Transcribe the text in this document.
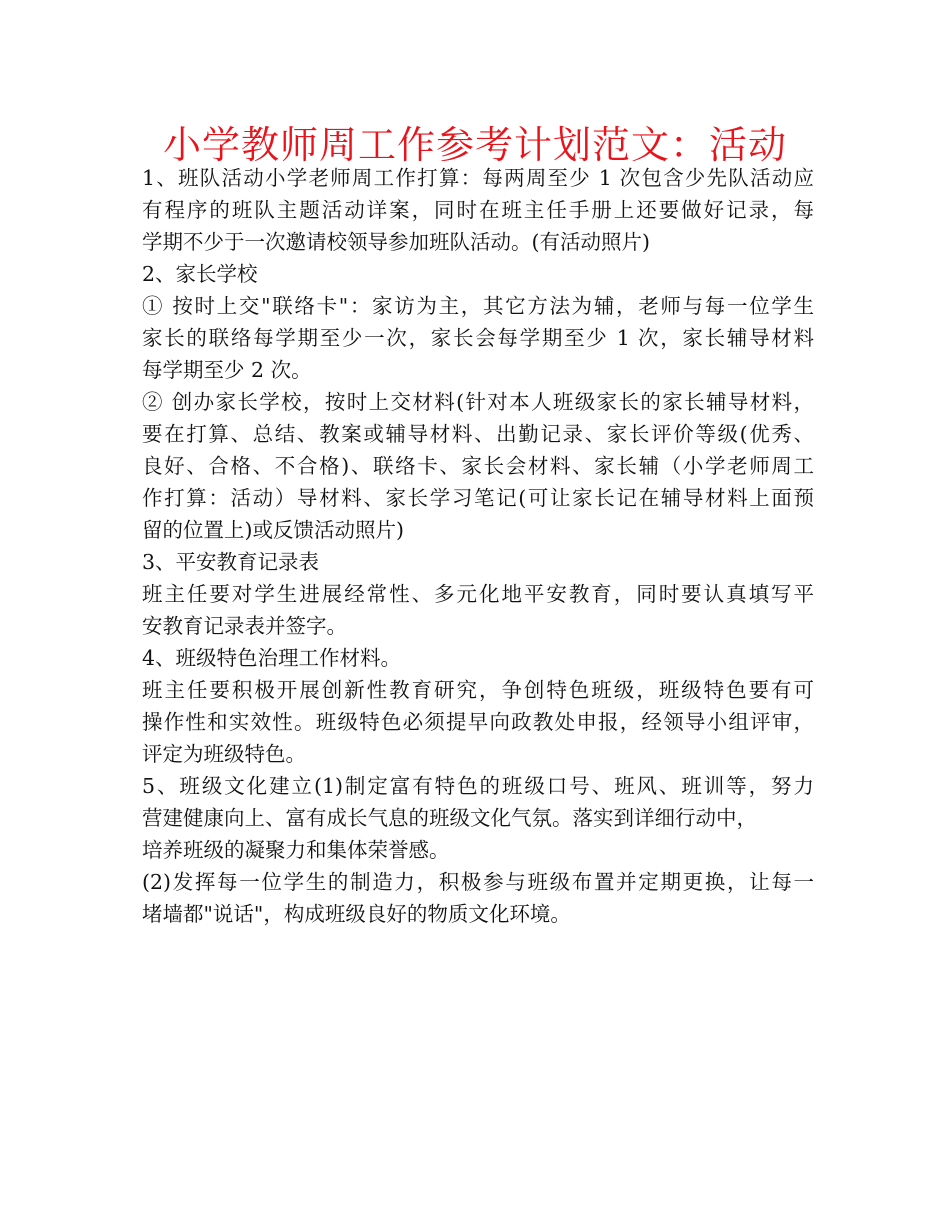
小学教师周工作参考计划范文：活动
1、班队活动小学老师周工作打算：每两周至少 1 次包含少先队活动应
有程序的班队主题活动详案，同时在班主任手册上还要做好记录，每
学期不少于一次邀请校领导参加班队活动。(有活动照片)
2、家长学校
① 按时上交"联络卡"：家访为主，其它方法为辅，老师与每一位学生
家长的联络每学期至少一次，家长会每学期至少 1 次，家长辅导材料
每学期至少 2 次。
② 创办家长学校，按时上交材料(针对本人班级家长的家长辅导材料，
要在打算、总结、教案或辅导材料、出勤记录、家长评价等级(优秀、
良好、合格、不合格)、联络卡、家长会材料、家长辅（小学老师周工
作打算：活动）导材料、家长学习笔记(可让家长记在辅导材料上面预
留的位置上)或反馈活动照片)
3、平安教育记录表
班主任要对学生进展经常性、多元化地平安教育，同时要认真填写平
安教育记录表并签字。
4、班级特色治理工作材料。
班主任要积极开展创新性教育研究，争创特色班级，班级特色要有可
操作性和实效性。班级特色必须提早向政教处申报，经领导小组评审，
评定为班级特色。
5、班级文化建立(1)制定富有特色的班级口号、班风、班训等，努力
营建健康向上、富有成长气息的班级文化气氛。落实到详细行动中，
培养班级的凝聚力和集体荣誉感。
(2)发挥每一位学生的制造力，积极参与班级布置并定期更换，让每一
堵墙都"说话"，构成班级良好的物质文化环境。
